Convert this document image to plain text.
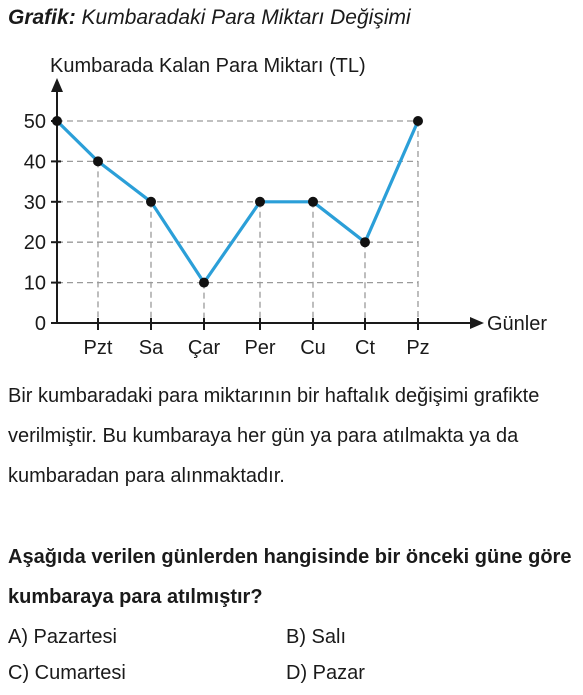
Grafik: Kumbaradaki Para Miktarı Değişimi
0
10
20
30
40
50
Pzt Sa Çar Per Cu Ct Pz
Kumbarada Kalan Para Miktarı (TL)
Günler
Bir kumbaradaki para miktarının bir haftalık değişimi grafikte verilmiştir. Bu kumbaraya her gün ya para atılmakta ya da kumbaradan para alınmaktadır.
Aşağıda verilen günlerden hangisinde bir önceki güne göre kumbaraya para atılmıştır?
A) Pazartesi	B) Salı
C) Cumartesi	D) Pazar
